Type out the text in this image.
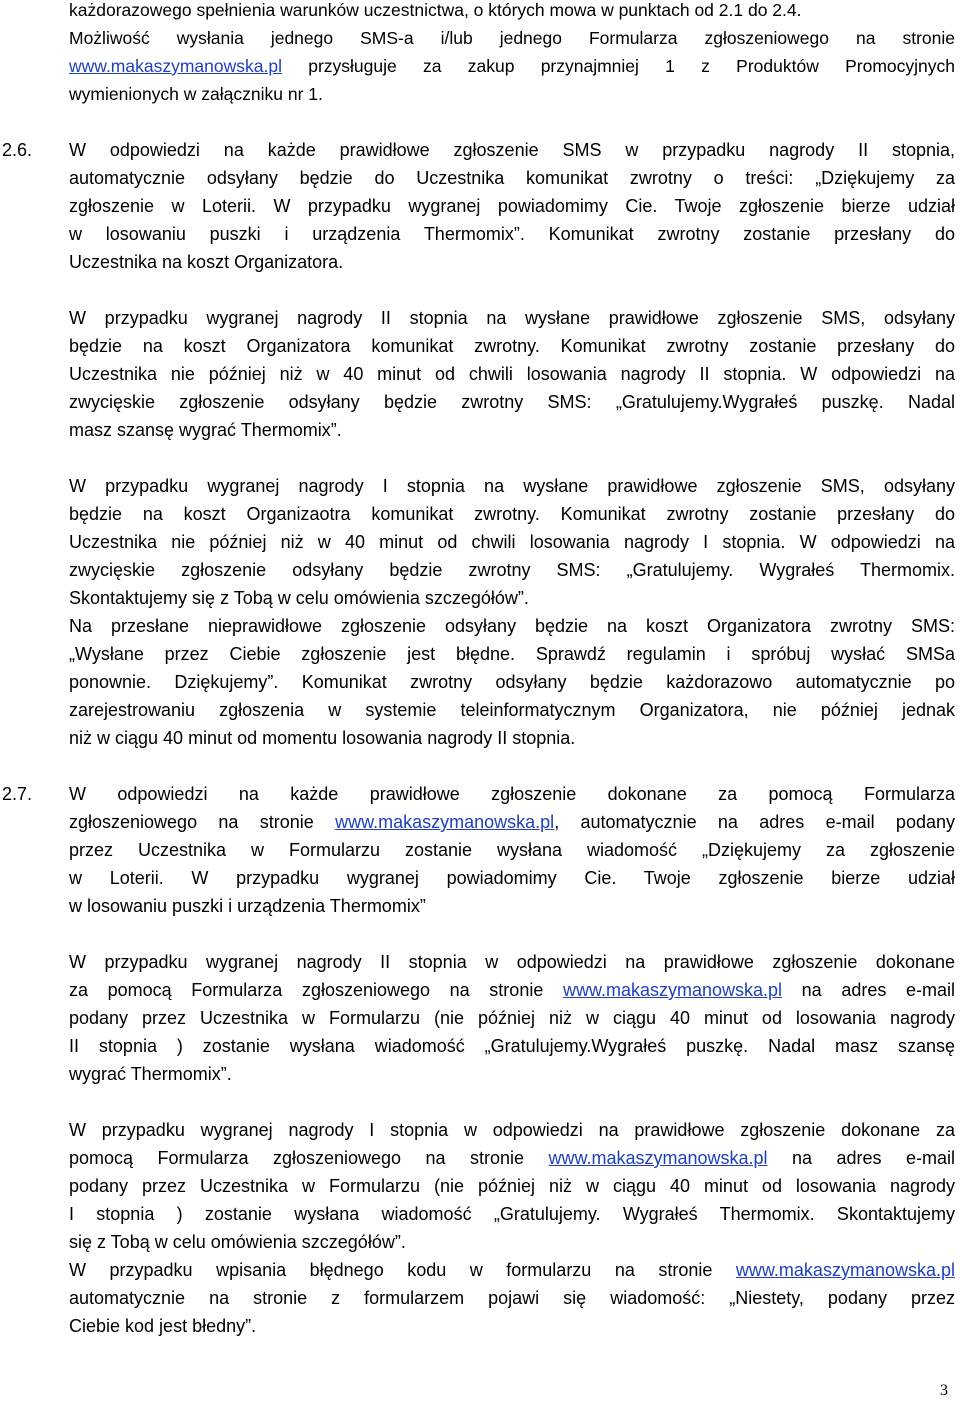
każdorazowego spełnienia warunków uczestnictwa, o których mowa w punktach od 2.1 do 2.4.
Możliwość wysłania jednego SMS-a i/lub jednego Formularza zgłoszeniowego na stronie
www.makaszymanowska.pl przysługuje za zakup przynajmniej 1 z Produktów Promocyjnych
wymienionych w załączniku nr 1.
2.6. W odpowiedzi na każde prawidłowe zgłoszenie SMS w przypadku nagrody II stopnia,
automatycznie odsyłany będzie do Uczestnika komunikat zwrotny o treści: „Dziękujemy za
zgłoszenie w Loterii. W przypadku wygranej powiadomimy Cie. Twoje zgłoszenie bierze udział
w losowaniu puszki i urządzenia Thermomix”. Komunikat zwrotny zostanie przesłany do
Uczestnika na koszt Organizatora.
W przypadku wygranej nagrody II stopnia na wysłane prawidłowe zgłoszenie SMS, odsyłany
będzie na koszt Organizatora komunikat zwrotny. Komunikat zwrotny zostanie przesłany do
Uczestnika nie później niż w 40 minut od chwili losowania nagrody II stopnia. W odpowiedzi na
zwycięskie zgłoszenie odsyłany będzie zwrotny SMS: „Gratulujemy.Wygrałeś puszkę. Nadal
masz szansę wygrać Thermomix”.
W przypadku wygranej nagrody I stopnia na wysłane prawidłowe zgłoszenie SMS, odsyłany
będzie na koszt Organizaotra komunikat zwrotny. Komunikat zwrotny zostanie przesłany do
Uczestnika nie później niż w 40 minut od chwili losowania nagrody I stopnia. W odpowiedzi na
zwycięskie zgłoszenie odsyłany będzie zwrotny SMS: „Gratulujemy. Wygrałeś Thermomix.
Skontaktujemy się z Tobą w celu omówienia szczegółów”.
Na przesłane nieprawidłowe zgłoszenie odsyłany będzie na koszt Organizatora zwrotny SMS:
„Wysłane przez Ciebie zgłoszenie jest błędne. Sprawdź regulamin i spróbuj wysłać SMSa
ponownie. Dziękujemy”. Komunikat zwrotny odsyłany będzie każdorazowo automatycznie po
zarejestrowaniu zgłoszenia w systemie teleinformatycznym Organizatora, nie później jednak
niż w ciągu 40 minut od momentu losowania nagrody II stopnia.
2.7. W odpowiedzi na każde prawidłowe zgłoszenie dokonane za pomocą Formularza
zgłoszeniowego na stronie www.makaszymanowska.pl, automatycznie na adres e-mail podany
przez Uczestnika w Formularzu zostanie wysłana wiadomość „Dziękujemy za zgłoszenie
w Loterii. W przypadku wygranej powiadomimy Cie. Twoje zgłoszenie bierze udział
w losowaniu puszki i urządzenia Thermomix”
W przypadku wygranej nagrody II stopnia w odpowiedzi na prawidłowe zgłoszenie dokonane
za pomocą Formularza zgłoszeniowego na stronie www.makaszymanowska.pl na adres e-mail
podany przez Uczestnika w Formularzu (nie później niż w ciągu 40 minut od losowania nagrody
II stopnia ) zostanie wysłana wiadomość „Gratulujemy.Wygrałeś puszkę. Nadal masz szansę
wygrać Thermomix”.
W przypadku wygranej nagrody I stopnia w odpowiedzi na prawidłowe zgłoszenie dokonane za
pomocą Formularza zgłoszeniowego na stronie www.makaszymanowska.pl na adres e-mail
podany przez Uczestnika w Formularzu (nie później niż w ciągu 40 minut od losowania nagrody
I stopnia ) zostanie wysłana wiadomość „Gratulujemy. Wygrałeś Thermomix. Skontaktujemy
się z Tobą w celu omówienia szczegółów”.
W przypadku wpisania błędnego kodu w formularzu na stronie www.makaszymanowska.pl
automatycznie na stronie z formularzem pojawi się wiadomość: „Niestety, podany przez
Ciebie kod jest błedny”.
3
